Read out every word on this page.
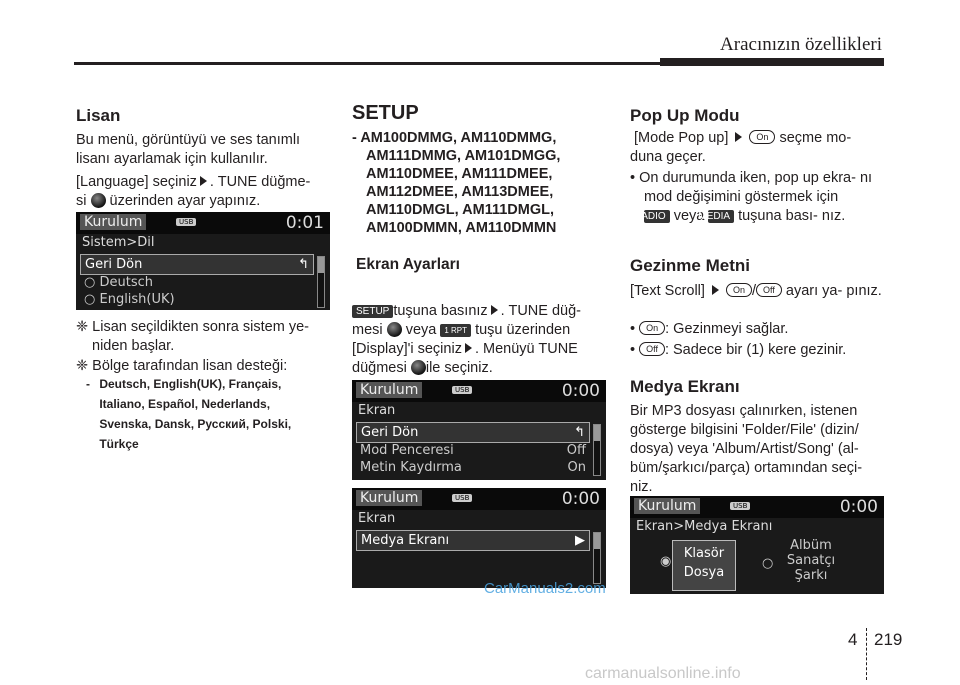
Aracınızın özellikleri
Lisan

Bu menü, görüntüyü ve ses tanımlı lisanı ayarlamak için kullanılır.

[Language] seçiniz . TUNE düğme-
si üzerinden ayar yapınız.

Kurulum	USB	0:01
Sistem>Dil
Geri Dön	↰
○ Deutsch
○ English(UK)

❈ Lisan seçildikten sonra sistem ye- niden başlar.

❈ Bölge tarafından lisan desteği:

- Deutsch, English(UK), Français, Italiano, Español, Nederlands, Svenska, Dansk, Русский, Polski, Türkçe
SETUP

- AM100DMMG, AM110DMMG, AM111DMMG, AM101DMGG, AM110DMEE, AM111DMEE, AM112DMEE, AM113DMEE, AM110DMGL, AM111DMGL, AM100DMMN, AM110DMMN

Ekran Ayarları

SETUP tuşuna basınız . TUNE düğ-
mesi veya 1 RPT tuşu üzerinden
[Display]'i seçiniz . Menüyü TUNE
düğmesi ile seçiniz.

Kurulum	USB	0:00
Ekran
Geri Dön	↰
Mod Penceresi	Off
Metin Kaydırma	On
Kurulum	USB	0:00
Ekran
Medya Ekranı	▶
Pop Up Modu

[Mode Pop up]	On seçme mo- duna geçer.

• On durumunda iken, pop up ekra- nı mod değişimini göstermek için
RADIO veya MEDIA tuşuna bası- nız.

Gezinme Metni

[Text Scroll]	On / Off ayarı ya- pınız.

• On : Gezinmeyi sağlar.

• Off : Sadece bir (1) kere gezinir.

Medya Ekranı

Bir MP3 dosyası çalınırken, istenen gösterge bilgisini 'Folder/File' (dizin/ dosya) veya 'Album/Artist/Song' (al- büm/şarkıcı/parça) ortamından seçi- niz.

Kurulum	USB	0:00
Ekran>Medya Ekranı
◉
Klasör
Dosya
○
Albüm
Sanatçı
Şarkı
CarManuals2.com
4 219
carmanualsonline.info
